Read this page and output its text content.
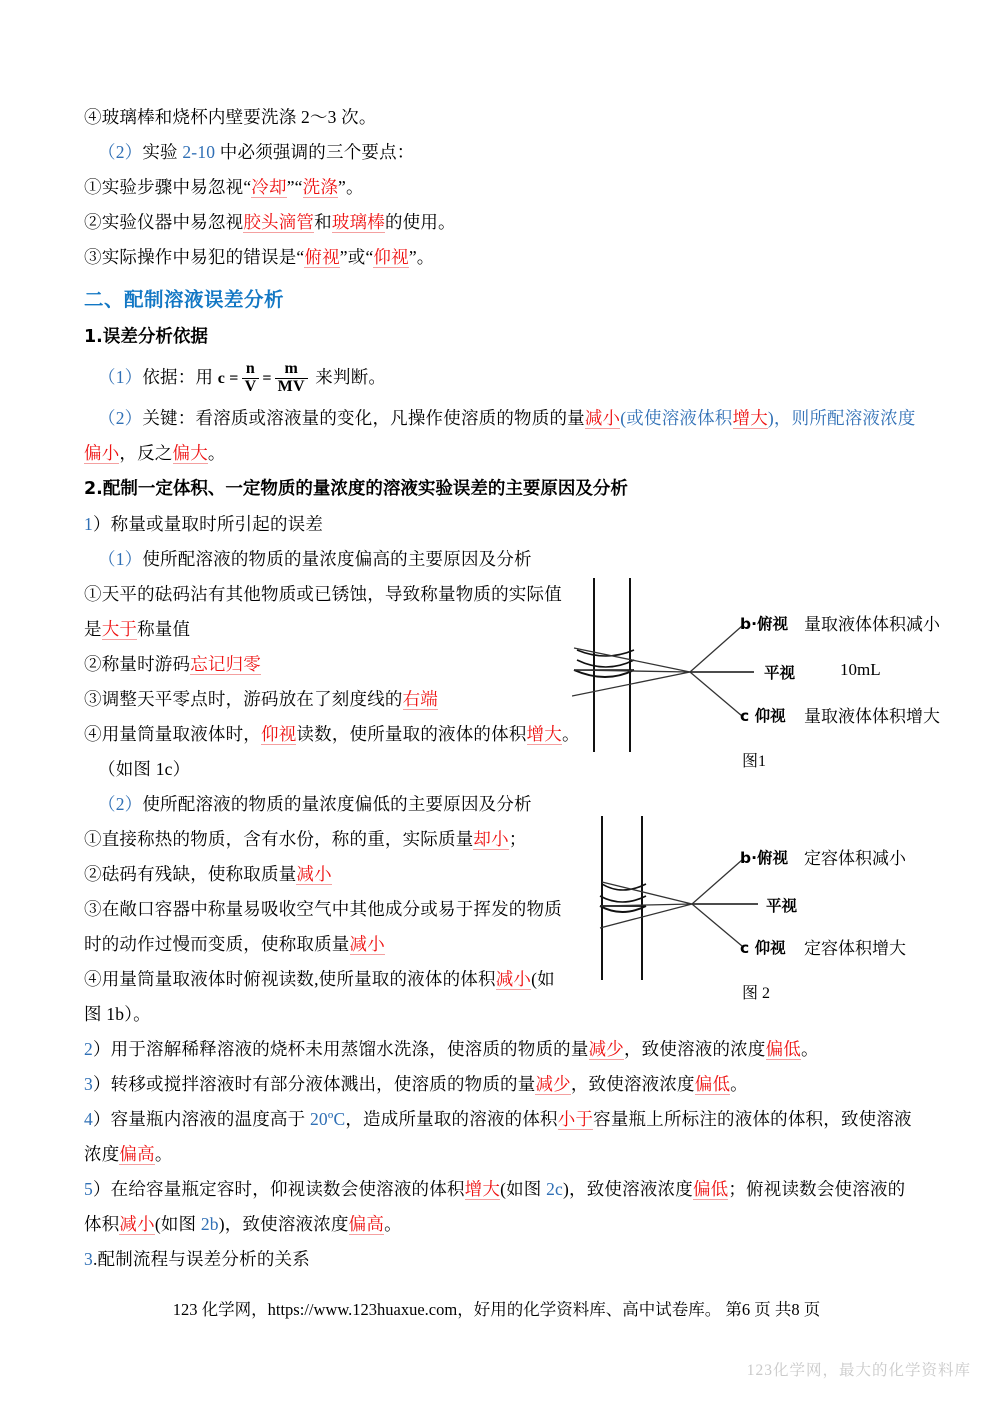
④玻璃棒和烧杯内壁要洗涤 2～3 次。
（2）实验 2-10 中必须强调的三个要点：
①实验步骤中易忽视“冷却”“洗涤”。
②实验仪器中易忽视胶头滴管和玻璃棒的使用。
③实际操作中易犯的错误是“俯视”或“仰视”。
二、配制溶液误差分析
1.误差分析依据
（1）依据：用 $c = \frac{n}{V} = \frac{m}{MV}$ 来判断。
（2）关键：看溶质或溶液量的变化，凡操作使溶质的物质的量减小(或使溶液体积增大)，则所配溶液浓度
偏小，反之偏大。
2.配制一定体积、一定物质的量浓度的溶液实验误差的主要原因及分析
1）称量或量取时所引起的误差
（1）使所配溶液的物质的量浓度偏高的主要原因及分析
①天平的砝码沾有其他物质或已锈蚀，导致称量物质的实际值
是大于称量值
②称量时游码忘记归零
③调整天平零点时，游码放在了刻度线的右端
④用量筒量取液体时，仰视读数，使所量取的液体的体积增大。
（如图 1c）
（2）使所配溶液的物质的量浓度偏低的主要原因及分析
①直接称热的物质，含有水份，称的重，实际质量却小；
②砝码有残缺，使称取质量减小
③在敞口容器中称量易吸收空气中其他成分或易于挥发的物质
时的动作过慢而变质，使称取质量减小
④用量筒量取液体时俯视读数,使所量取的液体的体积减小(如
图 1b）。
2）用于溶解稀释溶液的烧杯未用蒸馏水洗涤，使溶质的物质的量减少，致使溶液的浓度偏低。
3）转移或搅拌溶液时有部分液体溅出，使溶质的物质的量减少，致使溶液浓度偏低。
4）容量瓶内溶液的温度高于 20ºC，造成所量取的溶液的体积小于容量瓶上所标注的液体的体积，致使溶液
浓度偏高。
5）在给容量瓶定容时，仰视读数会使溶液的体积增大(如图 2c)，致使溶液浓度偏低；俯视读数会使溶液的
体积减小(如图 2b)，致使溶液浓度偏高。
3.配制流程与误差分析的关系
b·俯视 量取液体体积减小
平视	10mL
c 仰视 量取液体体积增大
图1
b·俯视 定容体积减小
平视
c 仰视 定容体积增大
图 2
123 化学网，https://www.123huaxue.com，好用的化学资料库、高中试卷库。 第6 页 共8 页
123化学网，最大的化学资料库
